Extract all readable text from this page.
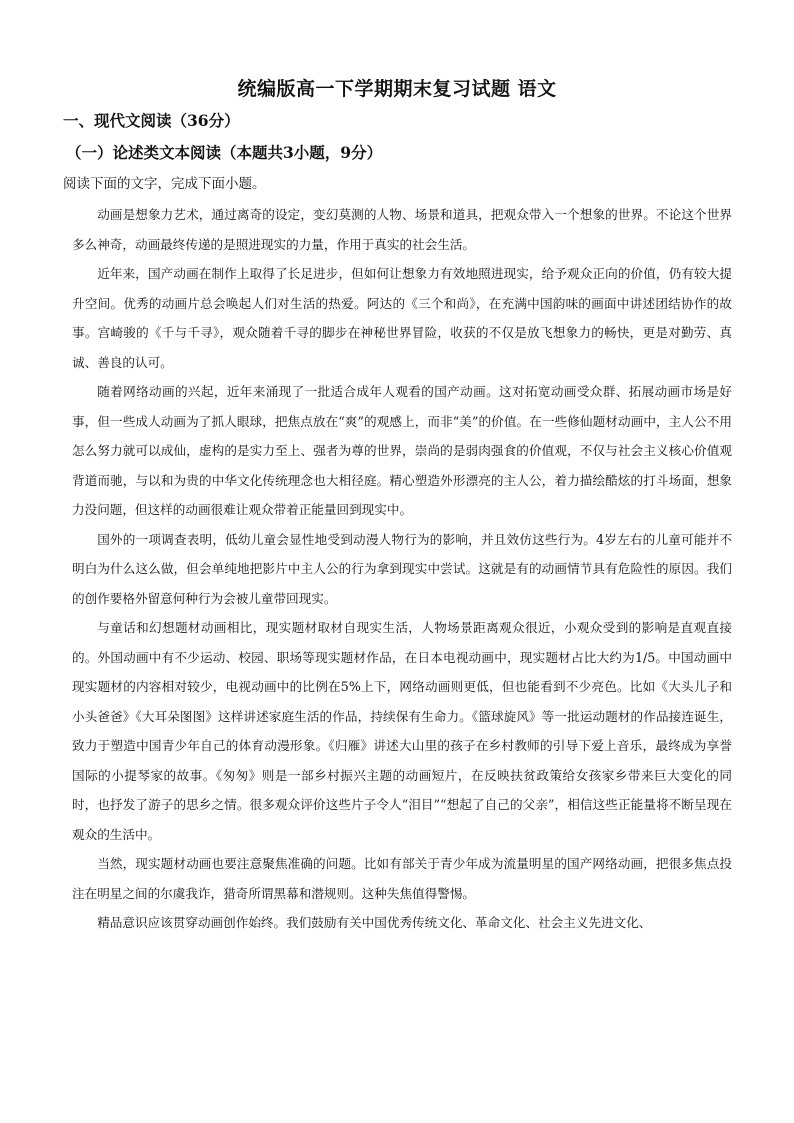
统编版高一下学期期末复习试题 语文
一、现代文阅读（36分）
（一）论述类文本阅读（本题共3小题，9分）
阅读下面的文字，完成下面小题。

动画是想象力艺术，通过离奇的设定，变幻莫测的人物、场景和道具，把观众带入一个想象的世界。不论这个世界多么神奇，动画最终传递的是照进现实的力量，作用于真实的社会生活。

近年来，国产动画在制作上取得了长足进步，但如何让想象力有效地照进现实，给予观众正向的价值，仍有较大提升空间。优秀的动画片总会唤起人们对生活的热爱。阿达的《三个和尚》，在充满中国韵味的画面中讲述团结协作的故事。宫崎骏的《千与千寻》，观众随着千寻的脚步在神秘世界冒险，收获的不仅是放飞想象力的畅快，更是对勤劳、真诚、善良的认可。

随着网络动画的兴起，近年来涌现了一批适合成年人观看的国产动画。这对拓宽动画受众群、拓展动画市场是好事，但一些成人动画为了抓人眼球，把焦点放在“爽”的观感上，而非“美”的价值。在一些修仙题材动画中，主人公不用怎么努力就可以成仙，虚构的是实力至上、强者为尊的世界，崇尚的是弱肉强食的价值观，不仅与社会主义核心价值观背道而驰，与以和为贵的中华文化传统理念也大相径庭。精心塑造外形漂亮的主人公，着力描绘酷炫的打斗场面，想象力没问题，但这样的动画很难让观众带着正能量回到现实中。

国外的一项调查表明，低幼儿童会显性地受到动漫人物行为的影响，并且效仿这些行为。4岁左右的儿童可能并不明白为什么这么做，但会单纯地把影片中主人公的行为拿到现实中尝试。这就是有的动画情节具有危险性的原因。我们的创作要格外留意何种行为会被儿童带回现实。

与童话和幻想题材动画相比，现实题材取材自现实生活，人物场景距离观众很近，小观众受到的影响是直观直接的。外国动画中有不少运动、校园、职场等现实题材作品，在日本电视动画中，现实题材占比大约为1/5。中国动画中现实题材的内容相对较少，电视动画中的比例在5%上下，网络动画则更低，但也能看到不少亮色。比如《大头儿子和小头爸爸》《大耳朵图图》这样讲述家庭生活的作品，持续保有生命力。《篮球旋风》等一批运动题材的作品接连诞生，致力于塑造中国青少年自己的体育动漫形象。《归雁》讲述大山里的孩子在乡村教师的引导下爱上音乐，最终成为享誉国际的小提琴家的故事。《匆匆》则是一部乡村振兴主题的动画短片，在反映扶贫政策给女孩家乡带来巨大变化的同时，也抒发了游子的思乡之情。很多观众评价这些片子令人“泪目”“想起了自己的父亲”，相信这些正能量将不断呈现在观众的生活中。

当然，现实题材动画也要注意聚焦准确的问题。比如有部关于青少年成为流量明星的国产网络动画，把很多焦点投注在明星之间的尔虞我诈，猎奇所谓黑幕和潜规则。这种失焦值得警惕。

精品意识应该贯穿动画创作始终。我们鼓励有关中国优秀传统文化、革命文化、社会主义先进文化、
